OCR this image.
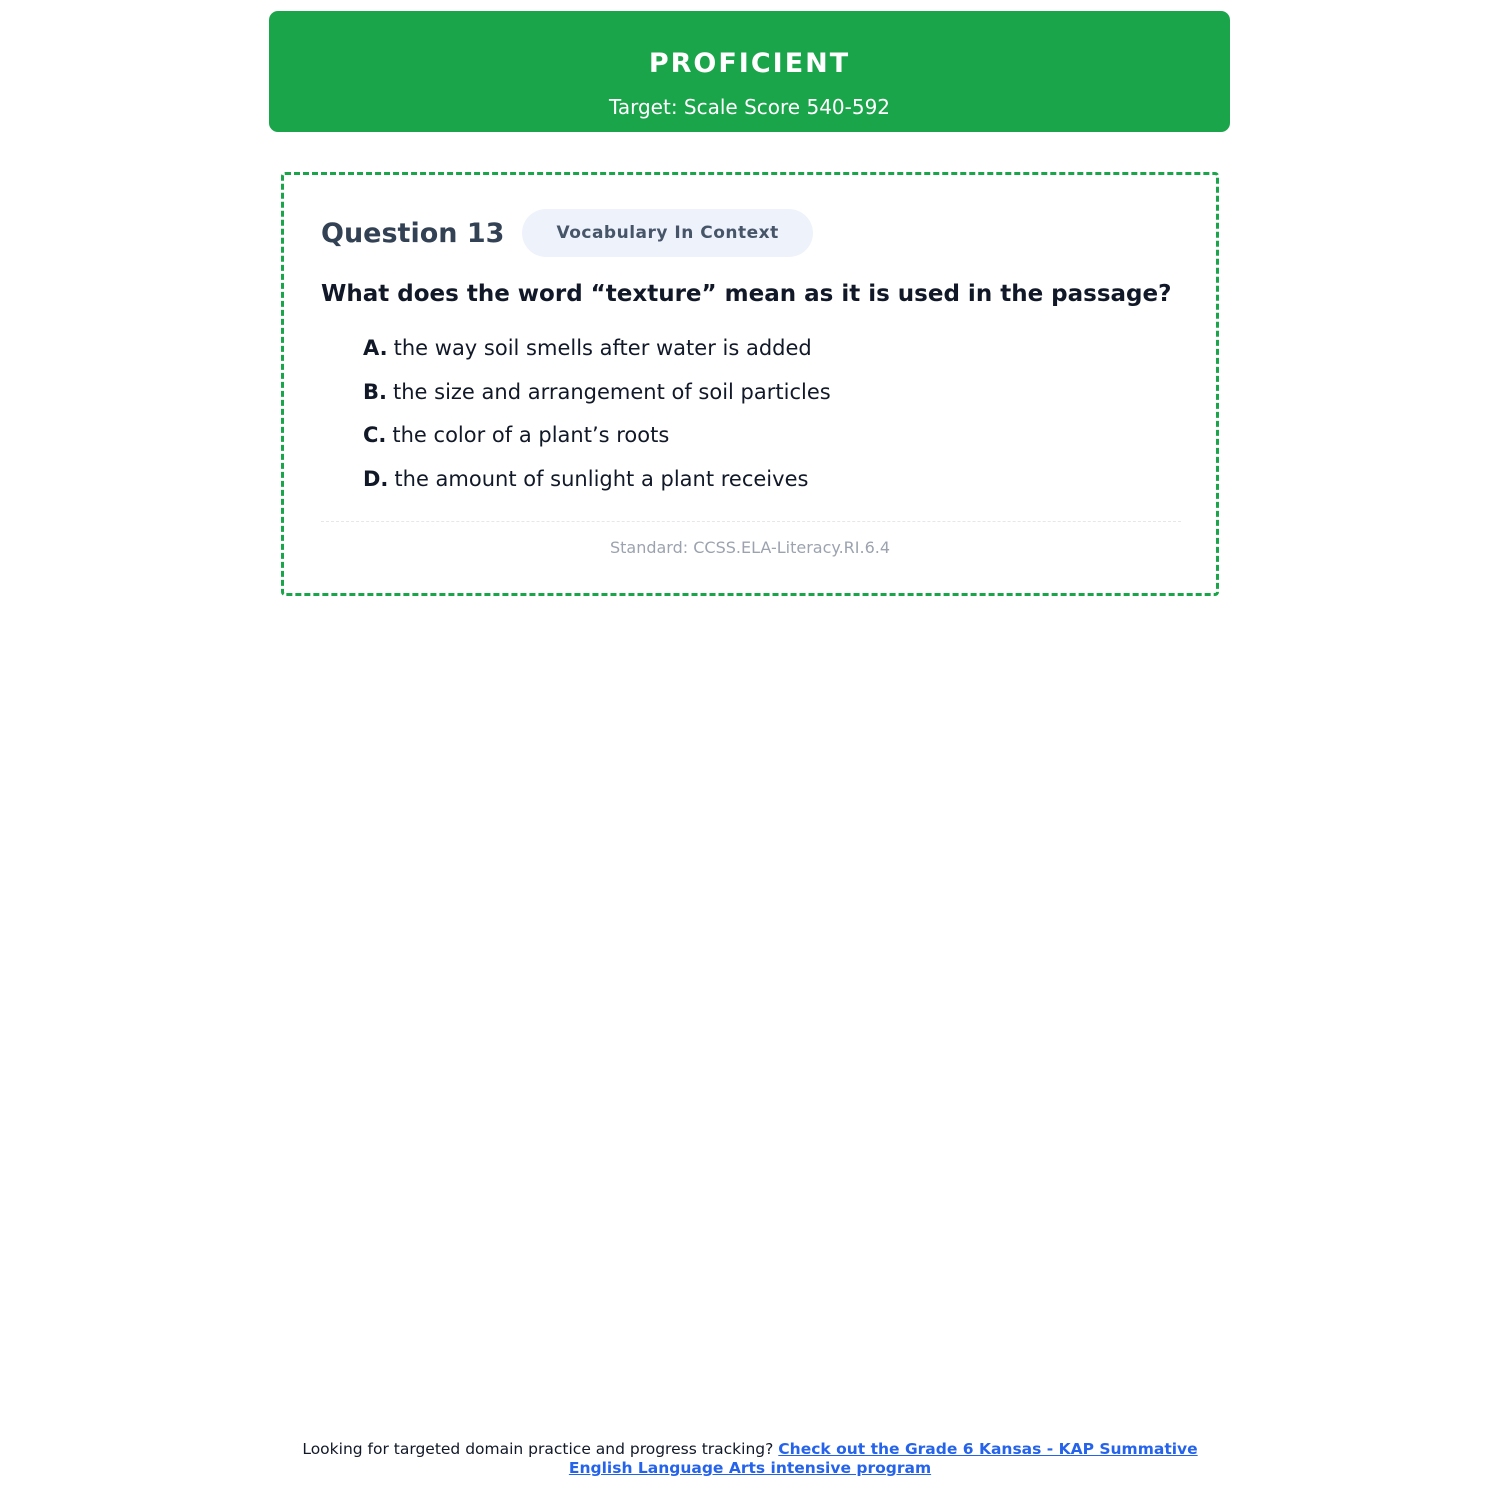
PROFICIENT
Target: Scale Score 540-592
Question 13	Vocabulary In Context
What does the word “texture” mean as it is used in the passage?
A. the way soil smells after water is added
B. the size and arrangement of soil particles
C. the color of a plant’s roots
D. the amount of sunlight a plant receives
Standard: CCSS.ELA-Literacy.RI.6.4
Looking for targeted domain practice and progress tracking? Check out the Grade 6 Kansas - KAP Summative English Language Arts intensive program
